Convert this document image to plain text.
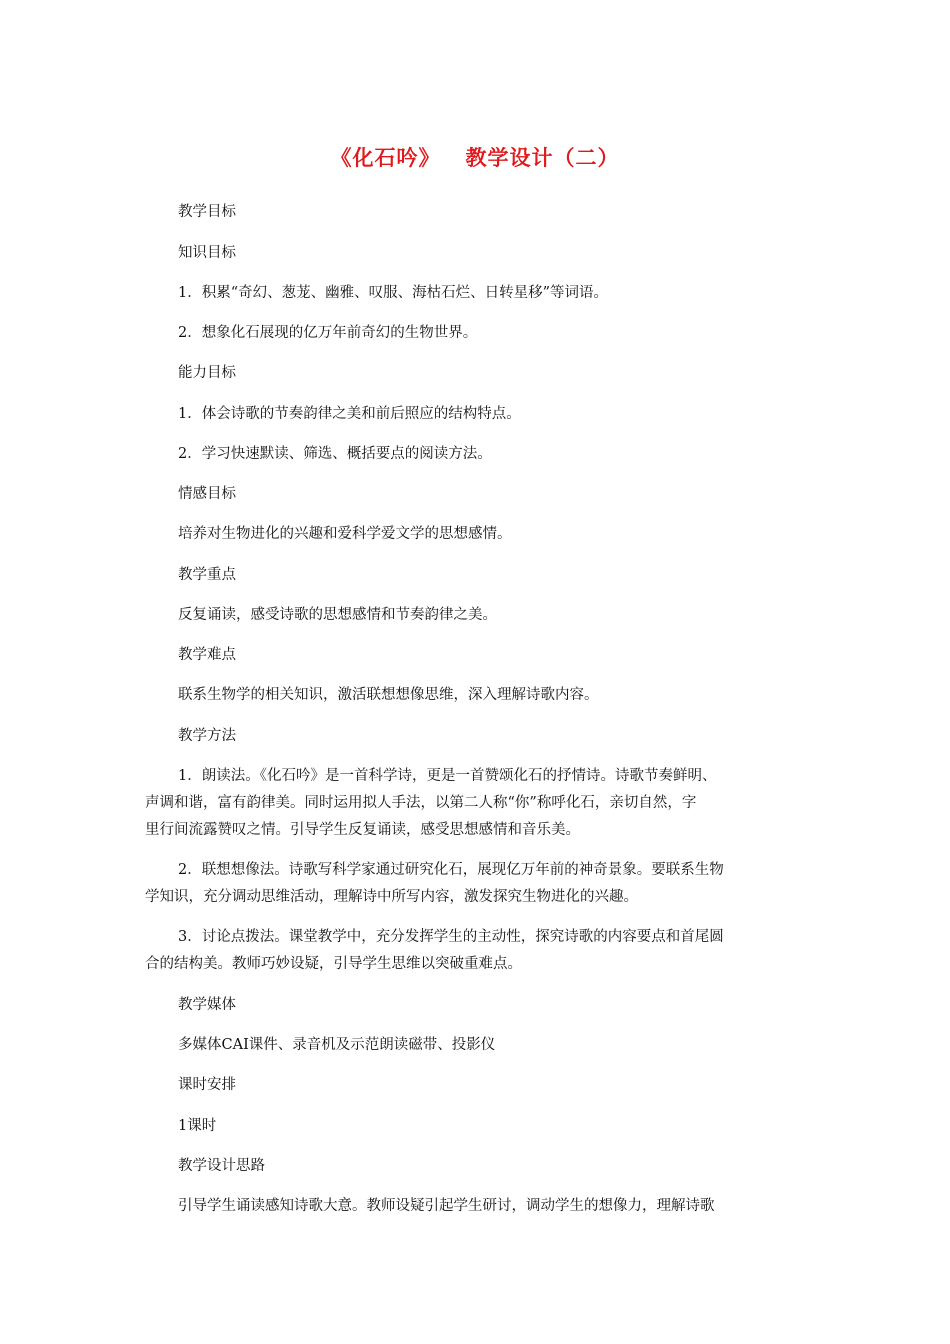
《化石吟》   教学设计（二）
教学目标
知识目标
1．积累“奇幻、葱茏、幽雅、叹服、海枯石烂、日转星移”等词语。
2．想象化石展现的亿万年前奇幻的生物世界。
能力目标
1．体会诗歌的节奏韵律之美和前后照应的结构特点。
2．学习快速默读、筛选、概括要点的阅读方法。
情感目标
培养对生物进化的兴趣和爱科学爱文学的思想感情。
教学重点
反复诵读，感受诗歌的思想感情和节奏韵律之美。
教学难点
联系生物学的相关知识，激活联想想像思维，深入理解诗歌内容。
教学方法
1．朗读法。《化石吟》是一首科学诗，更是一首赞颂化石的抒情诗。诗歌节奏鲜明、
声调和谐，富有韵律美。同时运用拟人手法，以第二人称“你”称呼化石，亲切自然，字
里行间流露赞叹之情。引导学生反复诵读，感受思想感情和音乐美。
2．联想想像法。诗歌写科学家通过研究化石，展现亿万年前的神奇景象。要联系生物
学知识，充分调动思维活动，理解诗中所写内容，激发探究生物进化的兴趣。
3．讨论点拨法。课堂教学中，充分发挥学生的主动性，探究诗歌的内容要点和首尾圆
合的结构美。教师巧妙设疑，引导学生思维以突破重难点。
教学媒体
多媒体CAI课件、录音机及示范朗读磁带、投影仪
课时安排
1课时
教学设计思路
引导学生诵读感知诗歌大意。教师设疑引起学生研讨，调动学生的想像力，理解诗歌
